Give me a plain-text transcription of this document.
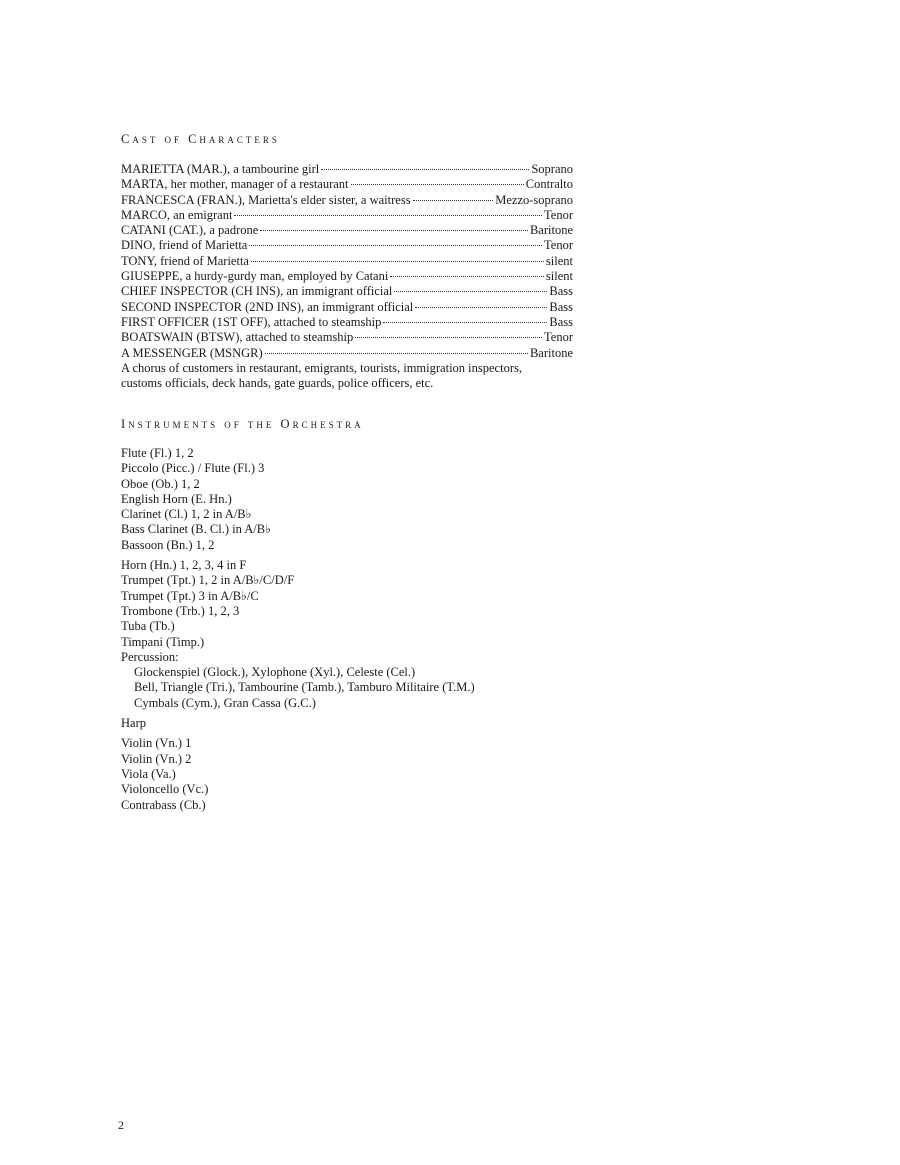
Cast of Characters
MARIETTA (MAR.), a tambourine girl	Soprano
MARTA, her mother, manager of a restaurant	Contralto
FRANCESCA (FRAN.), Marietta's elder sister, a waitress	Mezzo-soprano
MARCO, an emigrant	Tenor
CATANI (CAT.), a padrone	Baritone
DINO, friend of Marietta	Tenor
TONY, friend of Marietta	silent
GIUSEPPE, a hurdy-gurdy man, employed by Catani	silent
CHIEF INSPECTOR (CH INS), an immigrant official	Bass
SECOND INSPECTOR (2ND INS), an immigrant official	Bass
FIRST OFFICER (1ST OFF), attached to steamship	Bass
BOATSWAIN (BTSW), attached to steamship	Tenor
A MESSENGER (MSNGR)	Baritone
A chorus of customers in restaurant, emigrants, tourists, immigration inspectors,
customs officials, deck hands, gate guards, police officers, etc.
Instruments of the Orchestra
Flute (Fl.) 1, 2
Piccolo (Picc.) / Flute (Fl.) 3
Oboe (Ob.) 1, 2
English Horn (E. Hn.)
Clarinet (Cl.) 1, 2 in A/B♭
Bass Clarinet (B. Cl.) in A/B♭
Bassoon (Bn.) 1, 2
Horn (Hn.) 1, 2, 3, 4 in F
Trumpet (Tpt.) 1, 2 in A/B♭/C/D/F
Trumpet (Tpt.) 3 in A/B♭/C
Trombone (Trb.) 1, 2, 3
Tuba (Tb.)
Timpani (Timp.)
Percussion:
Glockenspiel (Glock.), Xylophone (Xyl.), Celeste (Cel.)
Bell, Triangle (Tri.), Tambourine (Tamb.), Tamburo Militaire (T.M.)
Cymbals (Cym.), Gran Cassa (G.C.)
Harp
Violin (Vn.) 1
Violin (Vn.) 2
Viola (Va.)
Violoncello (Vc.)
Contrabass (Cb.)
2
